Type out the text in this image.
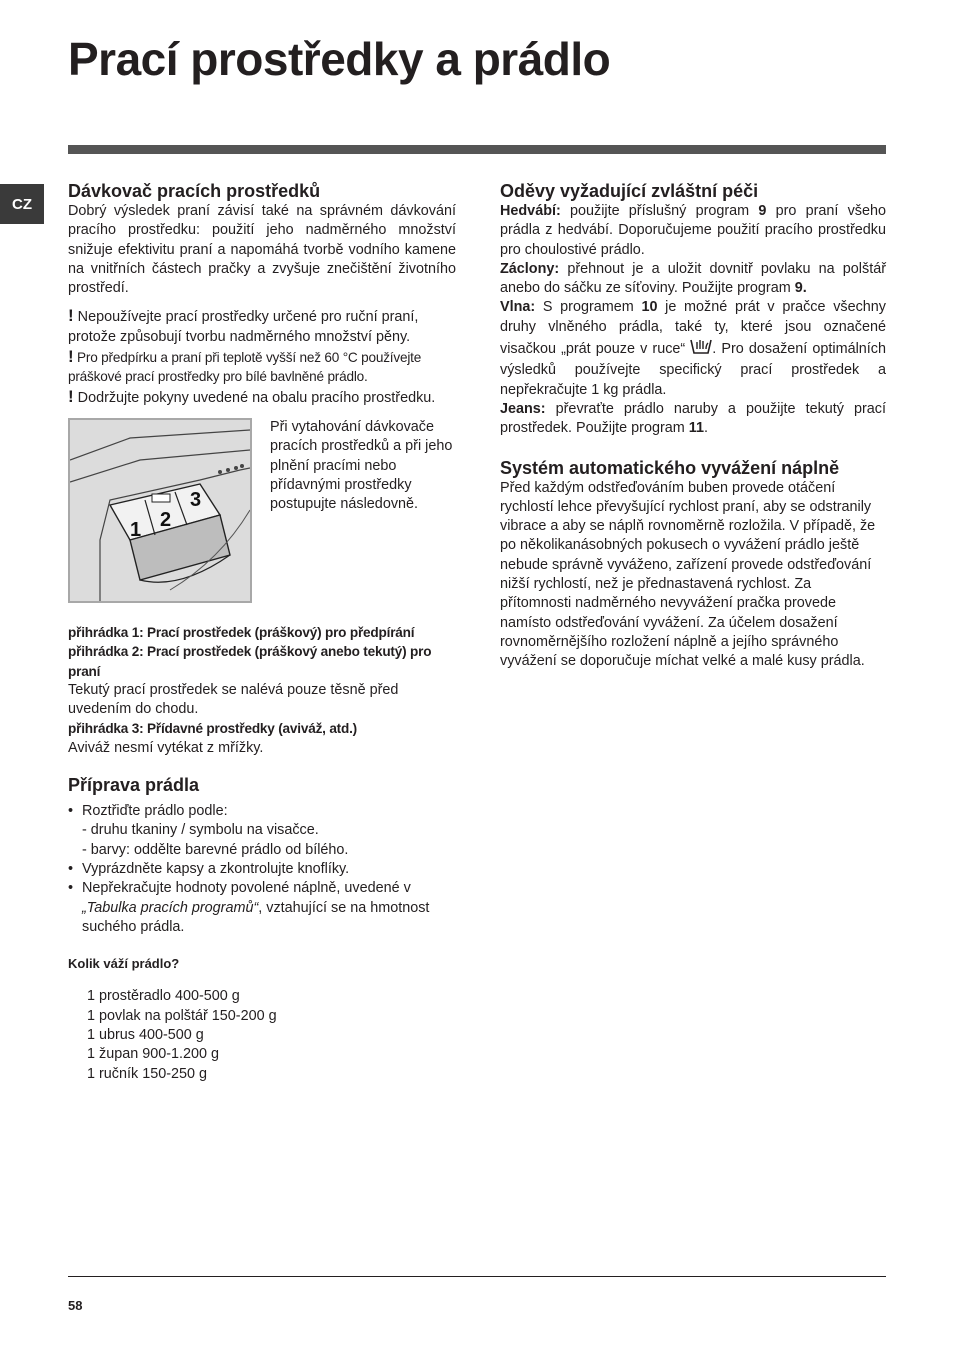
Prací prostředky a prádlo
CZ
Dávkovač pracích prostředků

Dobrý výsledek praní závisí také na správném dávkování pracího prostředku: použití jeho nadměrného množství snižuje efektivitu praní a napomáhá tvorbě vodního kamene na vnitřních částech pračky a zvyšuje znečištění životního prostředí.

! Nepoužívejte prací prostředky určené pro ruční praní, protože způsobují tvorbu nadměrného množství pěny.

! Pro předpírku a praní při teplotě vyšší než 60 °C používejte práškové prací prostředky pro bílé bavlněné prádlo.

! Dodržujte pokyny uvedené na obalu pracího prostředku.

1 2
3

Při vytahování dávkovače pracích prostředků a při jeho plnění pracími nebo přídavnými prostředky postupujte následovně.

přihrádka 1: Prací prostředek (práškový) pro předpírání

přihrádka 2: Prací prostředek (práškový anebo tekutý) pro praní

Tekutý prací prostředek se nalévá pouze těsně před uvedením do chodu.

přihrádka 3: Přídavné prostředky (aviváž, atd.)

Aviváž nesmí vytékat z mřížky.

Příprava prádla
• Roztřiďte prádlo podle:
- druhu tkaniny / symbolu na visačce.
- barvy: oddělte barevné prádlo od bílého.
• Vyprázdněte kapsy a zkontrolujte knoflíky.
• Nepřekračujte hodnoty povolené náplně, uvedené v „Tabulka pracích programů“, vztahující se na hmotnost suchého prádla.

Kolik váží prádlo?

1 prostěradlo 400-500 g
1 povlak na polštář 150-200 g
1 ubrus 400-500 g
1 župan 900-1.200 g
1 ručník 150-250 g
Oděvy vyžadující zvláštní péči

Hedvábí: použijte příslušný program 9 pro praní všeho prádla z hedvábí. Doporučujeme použití pracího prostředku pro choulostivé prádlo.

Záclony: přehnout je a uložit dovnitř povlaku na polštář anebo do sáčku ze síťoviny. Použijte program 9.

Vlna: S programem 10 je možné prát v pračce všechny druhy vlněného prádla, také ty, které jsou označené visačkou „prát pouze v ruce“ . Pro dosažení optimálních výsledků používejte specifický prací prostředek a nepřekračujte 1 kg prádla.

Jeans: převraťte prádlo naruby a použijte tekutý prací prostředek. Použijte program 11.

Systém automatického vyvážení náplně

Před každým odstřeďováním buben provede otáčení rychlostí lehce převyšující rychlost praní, aby se odstranily vibrace a aby se náplň rovnoměrně rozložila. V případě, že po několikanásobných pokusech o vyvážení prádlo ještě nebude správně vyváženo, zařízení provede odstřeďování nižší rychlostí, než je přednastavená rychlost. Za přítomnosti nadměrného nevyvážení pračka provede namísto odstřeďování vyvážení. Za účelem dosažení rovnoměrnějšího rozložení náplně a jejího správného vyvážení se doporučuje míchat velké a malé kusy prádla.

58
